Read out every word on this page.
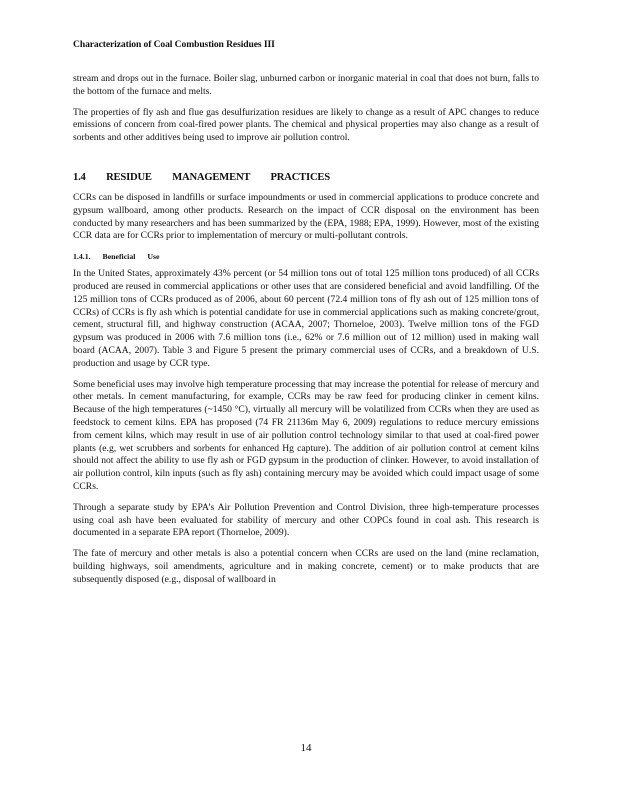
Characterization of Coal Combustion Residues III

stream and drops out in the furnace. Boiler slag, unburned carbon or inorganic material in coal that does not burn, falls to the bottom of the furnace and melts.

The properties of fly ash and flue gas desulfurization residues are likely to change as a result of APC changes to reduce emissions of concern from coal-fired power plants. The chemical and physical properties may also change as a result of sorbents and other additives being used to improve air pollution control.

1.4 RESIDUE MANAGEMENT PRACTICES

CCRs can be disposed in landfills or surface impoundments or used in commercial applications to produce concrete and gypsum wallboard, among other products. Research on the impact of CCR disposal on the environment has been conducted by many researchers and has been summarized by the (EPA, 1988; EPA, 1999). However, most of the existing CCR data are for CCRs prior to implementation of mercury or multi-pollutant controls.

1.4.1. Beneficial Use

In the United States, approximately 43% percent (or 54 million tons out of total 125 million tons produced) of all CCRs produced are reused in commercial applications or other uses that are considered beneficial and avoid landfilling. Of the 125 million tons of CCRs produced as of 2006, about 60 percent (72.4 million tons of fly ash out of 125 million tons of CCRs) of CCRs is fly ash which is potential candidate for use in commercial applications such as making concrete/grout, cement, structural fill, and highway construction (ACAA, 2007; Thorneloe, 2003). Twelve million tons of the FGD gypsum was produced in 2006 with 7.6 million tons (i.e., 62% or 7.6 million out of 12 million) used in making wall board (ACAA, 2007). Table 3 and Figure 5 present the primary commercial uses of CCRs, and a breakdown of U.S. production and usage by CCR type.

Some beneficial uses may involve high temperature processing that may increase the potential for release of mercury and other metals. In cement manufacturing, for example, CCRs may be raw feed for producing clinker in cement kilns. Because of the high temperatures (~1450 °C), virtually all mercury will be volatilized from CCRs when they are used as feedstock to cement kilns. EPA has proposed (74 FR 21136m May 6, 2009) regulations to reduce mercury emissions from cement kilns, which may result in use of air pollution control technology similar to that used at coal-fired power plants (e.g, wet scrubbers and sorbents for enhanced Hg capture). The addition of air pollution control at cement kilns should not affect the ability to use fly ash or FGD gypsum in the production of clinker. However, to avoid installation of air pollution control, kiln inputs (such as fly ash) containing mercury may be avoided which could impact usage of some CCRs.

Through a separate study by EPA’s Air Pollution Prevention and Control Division, three high-temperature processes using coal ash have been evaluated for stability of mercury and other COPCs found in coal ash. This research is documented in a separate EPA report (Thorneloe, 2009).

The fate of mercury and other metals is also a potential concern when CCRs are used on the land (mine reclamation, building highways, soil amendments, agriculture and in making concrete, cement) or to make products that are subsequently disposed (e.g., disposal of wallboard in

14
